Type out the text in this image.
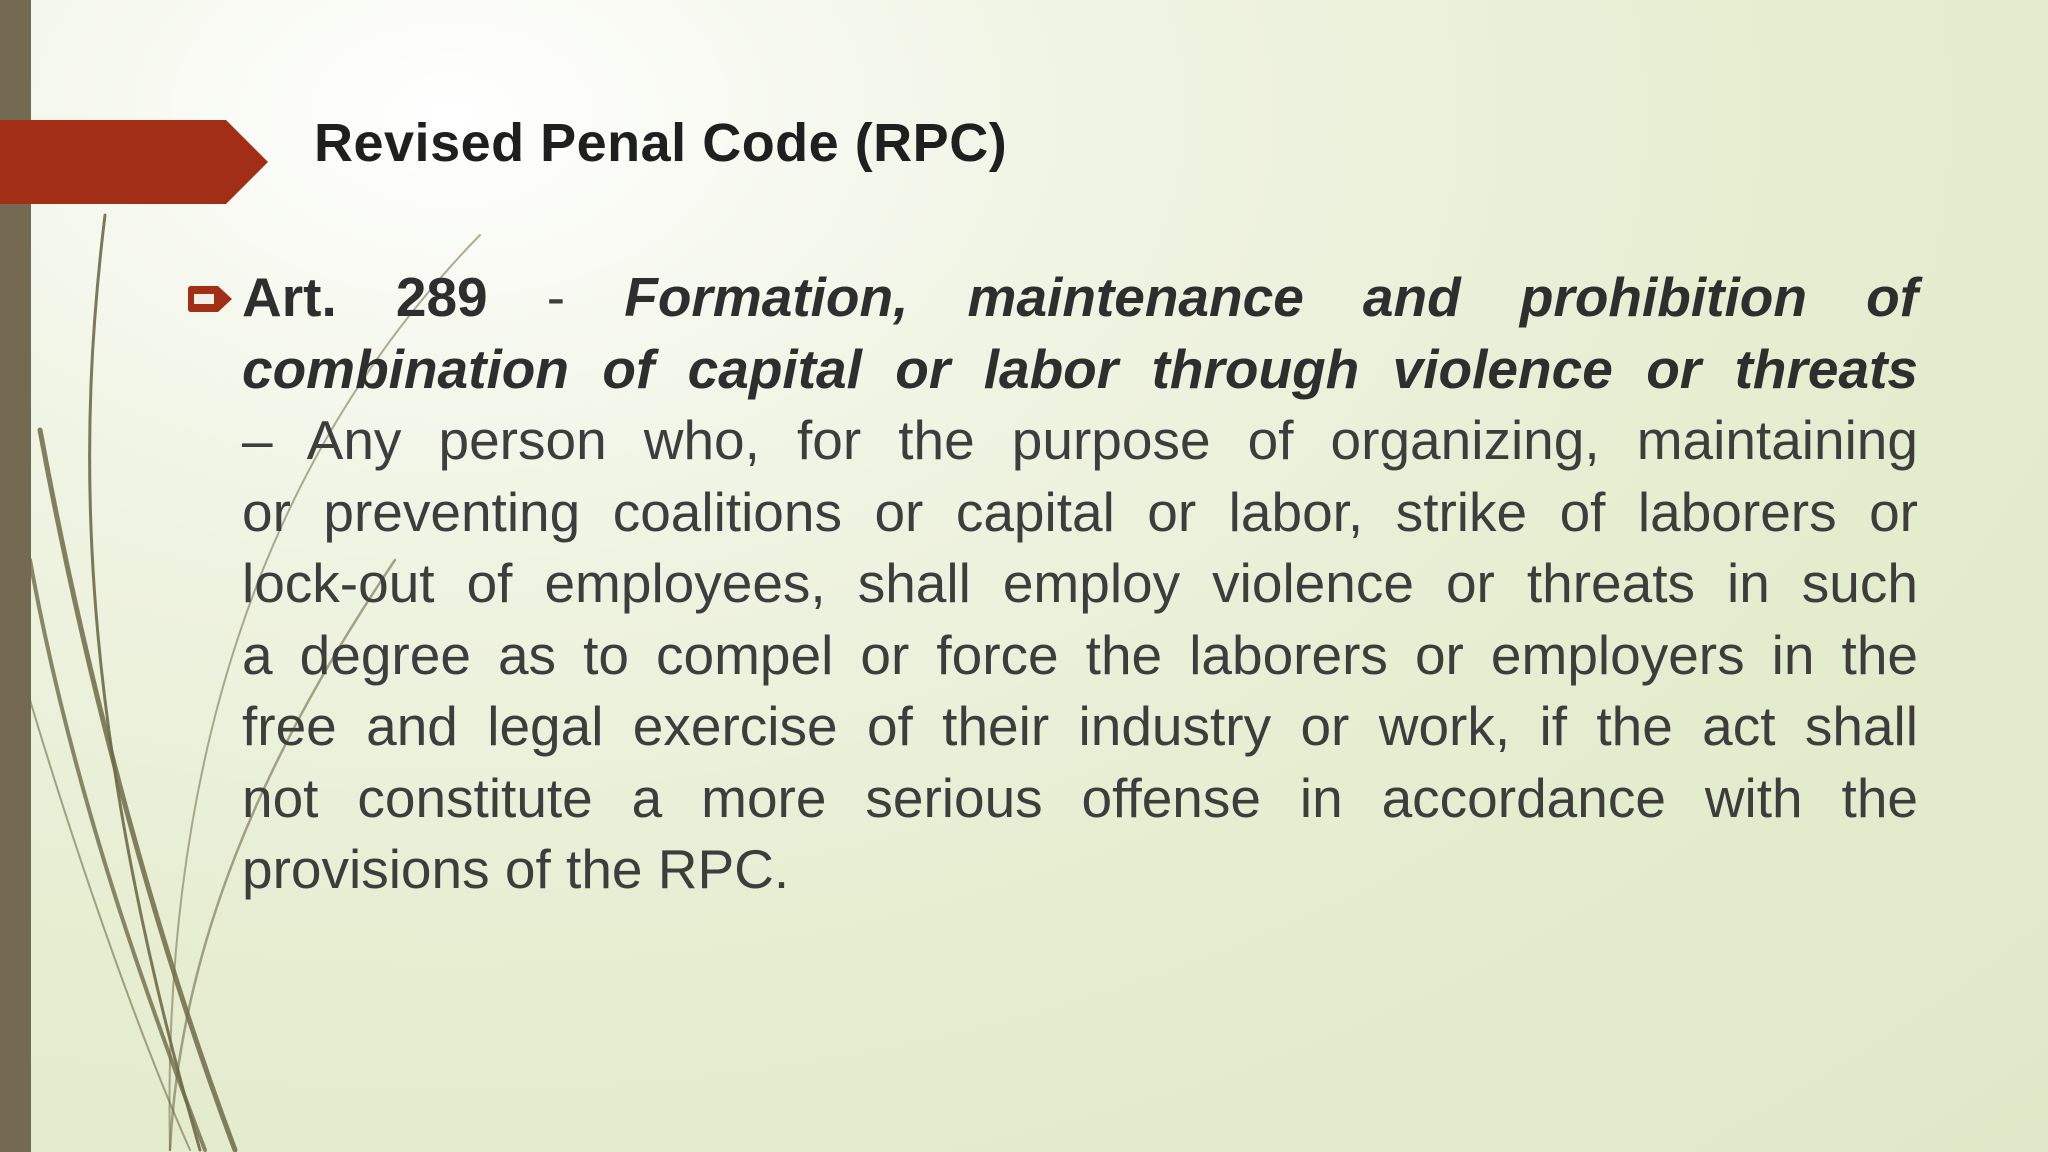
Revised Penal Code (RPC)
Art. 289 - Formation, maintenance and prohibition of
combination of capital or labor through violence or threats
– Any person who, for the purpose of organizing, maintaining
or preventing coalitions or capital or labor, strike of laborers or
lock-out of employees, shall employ violence or threats in such
a degree as to compel or force the laborers or employers in the
free and legal exercise of their industry or work, if the act shall
not constitute a more serious offense in accordance with the
provisions of the RPC.
